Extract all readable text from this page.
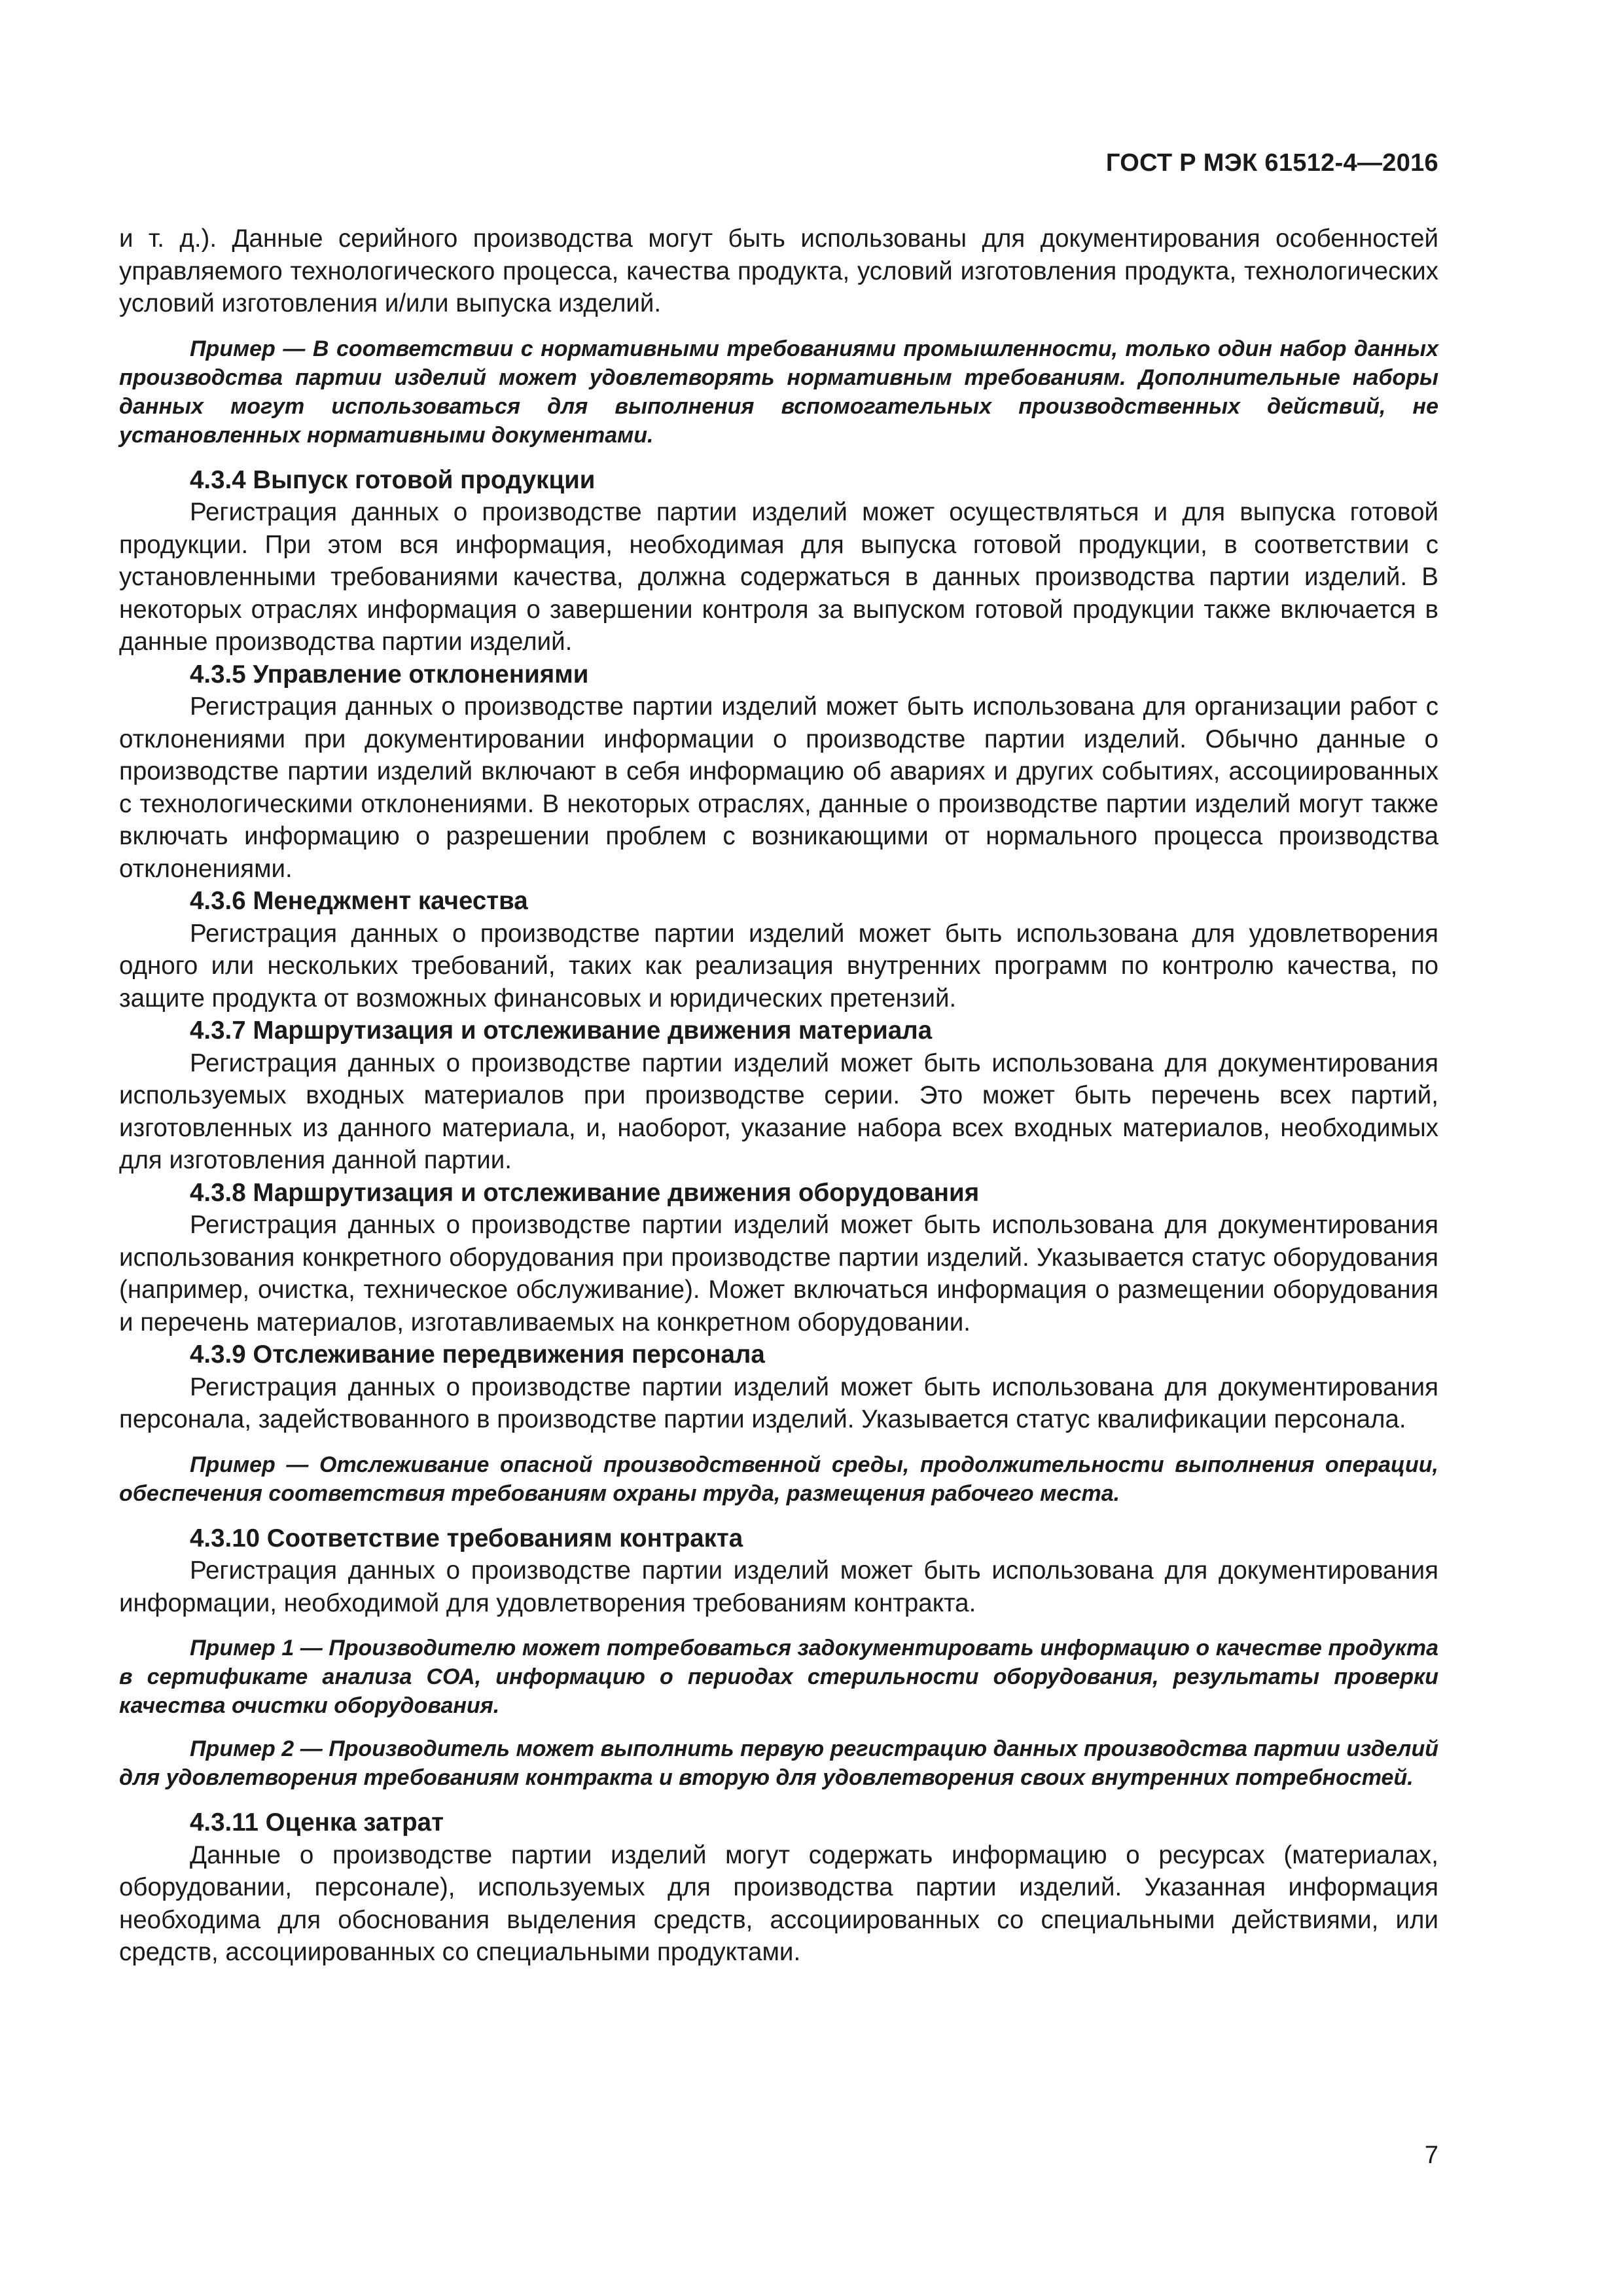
ГОСТ Р МЭК 61512-4—2016

и т. д.). Данные серийного производства могут быть использованы для документирования особенностей управляемого технологического процесса, качества продукта, условий изготовления продукта, технологических условий изготовления и/или выпуска изделий.

Пример — В соответствии с нормативными требованиями промышленности, только один набор данных производства партии изделий может удовлетворять нормативным требованиям. Дополнительные наборы данных могут использоваться для выполнения вспомогательных производственных действий, не установленных нормативными документами.

4.3.4 Выпуск готовой продукции

Регистрация данных о производстве партии изделий может осуществляться и для выпуска готовой продукции. При этом вся информация, необходимая для выпуска готовой продукции, в соответствии с установленными требованиями качества, должна содержаться в данных производства партии изделий. В некоторых отраслях информация о завершении контроля за выпуском готовой продукции также включается в данные производства партии изделий.

4.3.5 Управление отклонениями

Регистрация данных о производстве партии изделий может быть использована для организации работ с отклонениями при документировании информации о производстве партии изделий. Обычно данные о производстве партии изделий включают в себя информацию об авариях и других событиях, ассоциированных с технологическими отклонениями. В некоторых отраслях, данные о производстве партии изделий могут также включать информацию о разрешении проблем с возникающими от нормального процесса производства отклонениями.

4.3.6 Менеджмент качества

Регистрация данных о производстве партии изделий может быть использована для удовлетворения одного или нескольких требований, таких как реализация внутренних программ по контролю качества, по защите продукта от возможных финансовых и юридических претензий.

4.3.7 Маршрутизация и отслеживание движения материала

Регистрация данных о производстве партии изделий может быть использована для документирования используемых входных материалов при производстве серии. Это может быть перечень всех партий, изготовленных из данного материала, и, наоборот, указание набора всех входных материалов, необходимых для изготовления данной партии.

4.3.8 Маршрутизация и отслеживание движения оборудования

Регистрация данных о производстве партии изделий может быть использована для документирования использования конкретного оборудования при производстве партии изделий. Указывается статус оборудования (например, очистка, техническое обслуживание). Может включаться информация о размещении оборудования и перечень материалов, изготавливаемых на конкретном оборудовании.

4.3.9 Отслеживание передвижения персонала

Регистрация данных о производстве партии изделий может быть использована для документирования персонала, задействованного в производстве партии изделий. Указывается статус квалификации персонала.

Пример — Отслеживание опасной производственной среды, продолжительности выполнения операции, обеспечения соответствия требованиям охраны труда, размещения рабочего места.

4.3.10 Соответствие требованиям контракта

Регистрация данных о производстве партии изделий может быть использована для документирования информации, необходимой для удовлетворения требованиям контракта.

Пример 1 — Производителю может потребоваться задокументировать информацию о качестве продукта в сертификате анализа СОА, информацию о периодах стерильности оборудования, результаты проверки качества очистки оборудования.

Пример 2 — Производитель может выполнить первую регистрацию данных производства партии изделий для удовлетворения требованиям контракта и вторую для удовлетворения своих внутренних потребностей.

4.3.11 Оценка затрат

Данные о производстве партии изделий могут содержать информацию о ресурсах (материалах, оборудовании, персонале), используемых для производства партии изделий. Указанная информация необходима для обоснования выделения средств, ассоциированных со специальными действиями, или средств, ассоциированных со специальными продуктами.

7
